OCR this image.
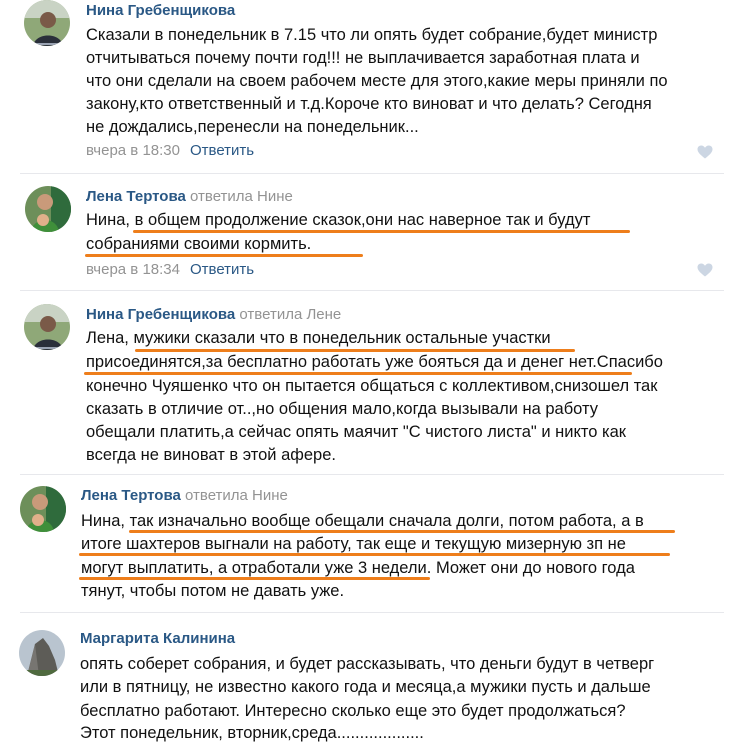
Нина Гребенщикова
Сказали в понедельник в 7.15 что ли опять будет собрание,будет министр
отчитываться почему почти год!!! не выплачивается заработная плата и
что они сделали на своем рабочем месте для этого,какие меры приняли по
закону,кто ответственный и т.д.Короче кто виноват и что делать? Сегодня
не дождались,перенесли на понедельник...
вчера в 18:30 Ответить
Лена Тертова ответила Нине
Нина, в общем продолжение сказок,они нас наверное так и будут
собраниями своими кормить.
вчера в 18:34 Ответить
Нина Гребенщикова ответила Лене
Лена, мужики сказали что в понедельник остальные участки
присоединятся,за бесплатно работать уже бояться да и денег нет.Спасибо
конечно Чуяшенко что он пытается общаться с коллективом,снизошел так
сказать в отличие от..,но общения мало,когда вызывали на работу
обещали платить,а сейчас опять маячит "С чистого листа" и никто как
всегда не виноват в этой афере.
Лена Тертова ответила Нине
Нина, так изначально вообще обещали сначала долги, потом работа, а в
итоге шахтеров выгнали на работу, так еще и текущую мизерную зп не
могут выплатить, а отработали уже 3 недели. Может они до нового года
тянут, чтобы потом не давать уже.
Маргарита Калинина
опять соберет собрания, и будет рассказывать, что деньги будут в четверг
или в пятницу, не известно какого года и месяца,а мужики пусть и дальше
бесплатно работают. Интересно сколько еще это будет продолжаться?
Этот понедельник, вторник,среда...................
